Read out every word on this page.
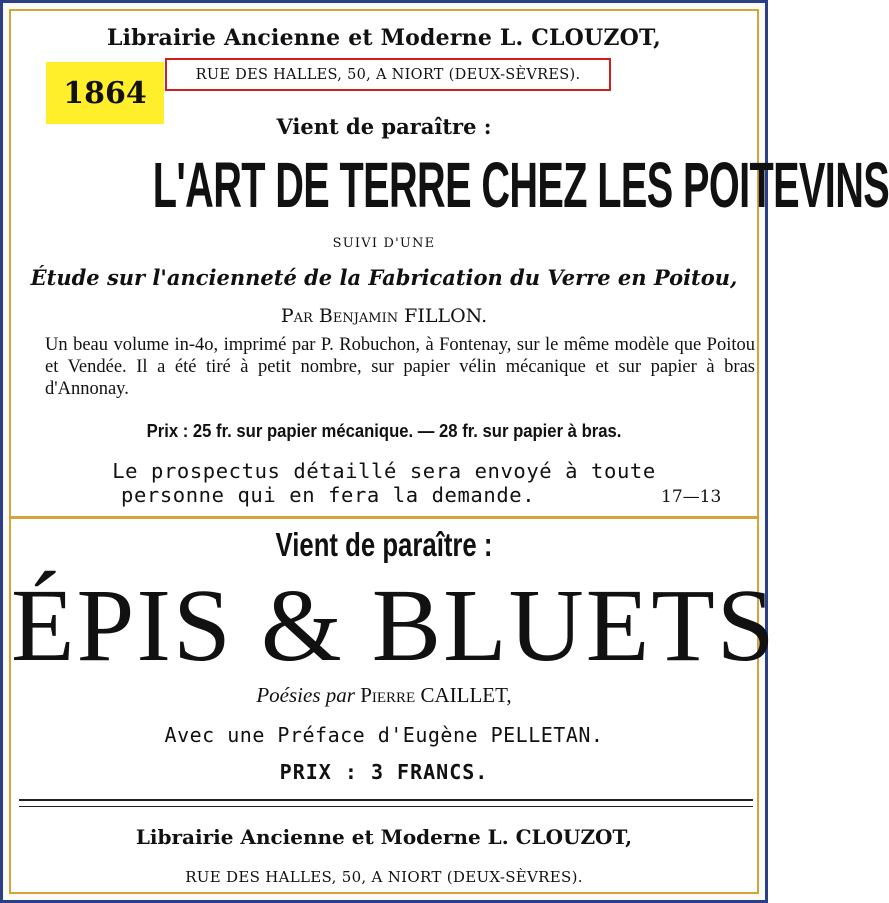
Librairie Ancienne et Moderne L. CLOUZOT,
1864
RUE DES HALLES, 50, A NIORT (DEUX-SÈVRES).
Vient de paraître :
L'ART DE TERRE CHEZ LES POITEVINS
SUIVI D'UNE
Étude sur l'ancienneté de la Fabrication du Verre en Poitou,
Par Benjamin FILLON.
Un beau volume in-4o, imprimé par P. Robuchon, à Fontenay, sur le même modèle que Poitou et Vendée. Il a été tiré à petit nombre, sur papier vélin mécanique et sur papier à bras d'Annonay.
Prix : 25 fr. sur papier mécanique. — 28 fr. sur papier à bras.
Le prospectus détaillé sera envoyé à toute
personne qui en fera la demande.	17—13
Vient de paraître :
ÉPIS & BLUETS
Poésies par Pierre CAILLET,
Avec une Préface d'Eugène PELLETAN.
PRIX : 3 FRANCS.
Librairie Ancienne et Moderne L. CLOUZOT,
RUE DES HALLES, 50, A NIORT (DEUX-SÈVRES).
